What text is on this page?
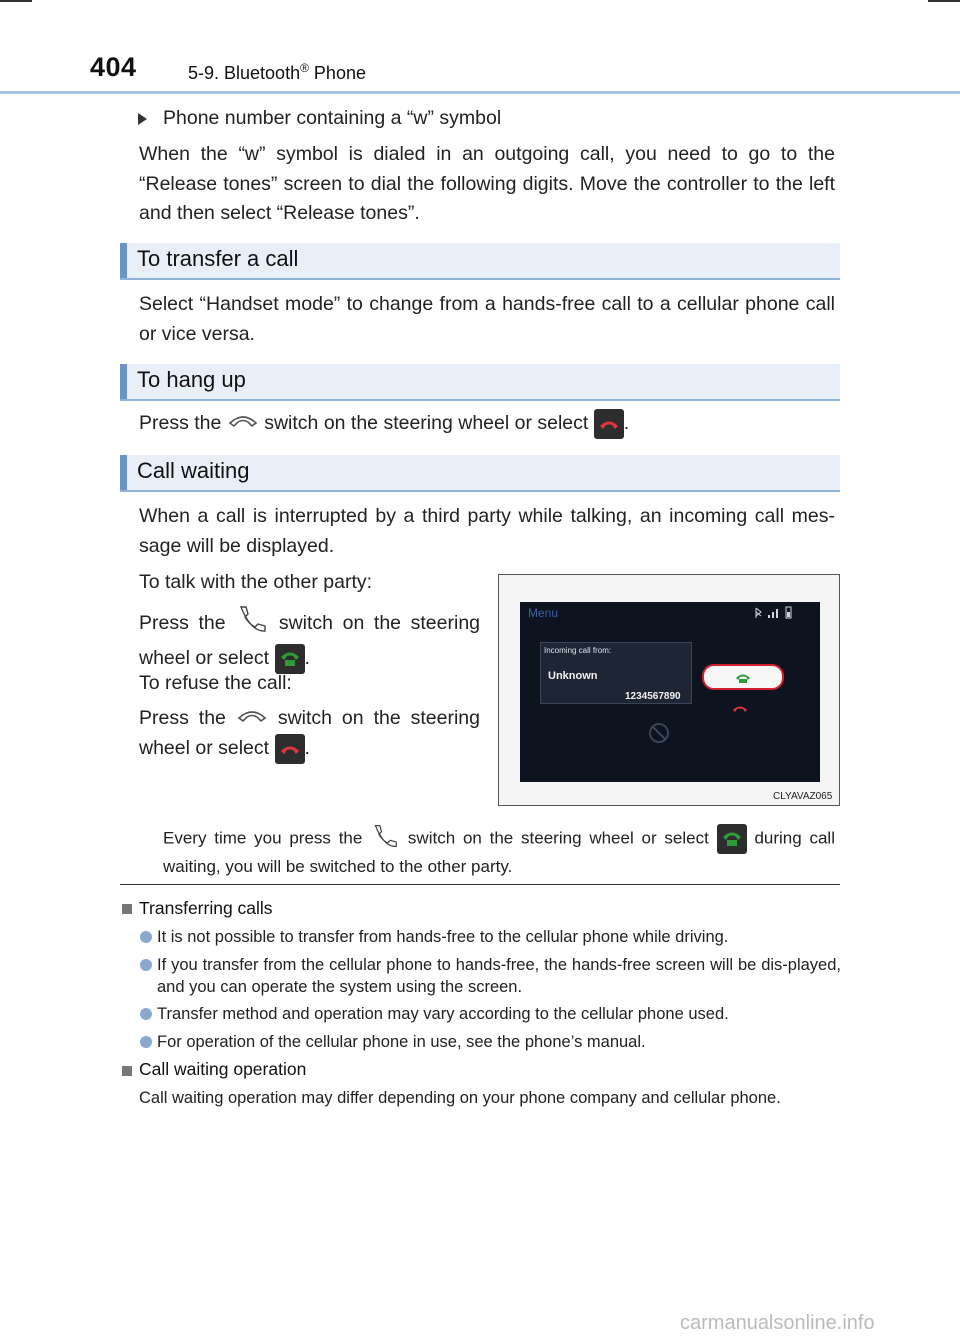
404	5-9. Bluetooth® Phone

Phone number containing a “w” symbol

When the “w” symbol is dialed in an outgoing call, you need to go to the “Release tones” screen to dial the following digits. Move the controller to the left and then select “Release tones”.

To transfer a call

Select “Handset mode” to change from a hands-free call to a cellular phone call or vice versa.

To hang up

Press the switch on the steering wheel or select .

Call waiting

When a call is interrupted by a third party while talking, an incoming call mes-sage will be displayed.

To talk with the other party:

Press the	switch on the steering wheel or select .

To refuse the call:

Press the	switch on the steering wheel or select .

Menu
Incoming call from:
Unknown
1234567890
CLYAVAZ065

Every time you press the	switch on the steering wheel or select	during call waiting, you will be switched to the other party.

Transferring calls

It is not possible to transfer from hands-free to the cellular phone while driving.

If you transfer from the cellular phone to hands-free, the hands-free screen will be dis-played, and you can operate the system using the screen.

Transfer method and operation may vary according to the cellular phone used.

For operation of the cellular phone in use, see the phone’s manual.

Call waiting operation

Call waiting operation may differ depending on your phone company and cellular phone.

carmanualsonline.info
